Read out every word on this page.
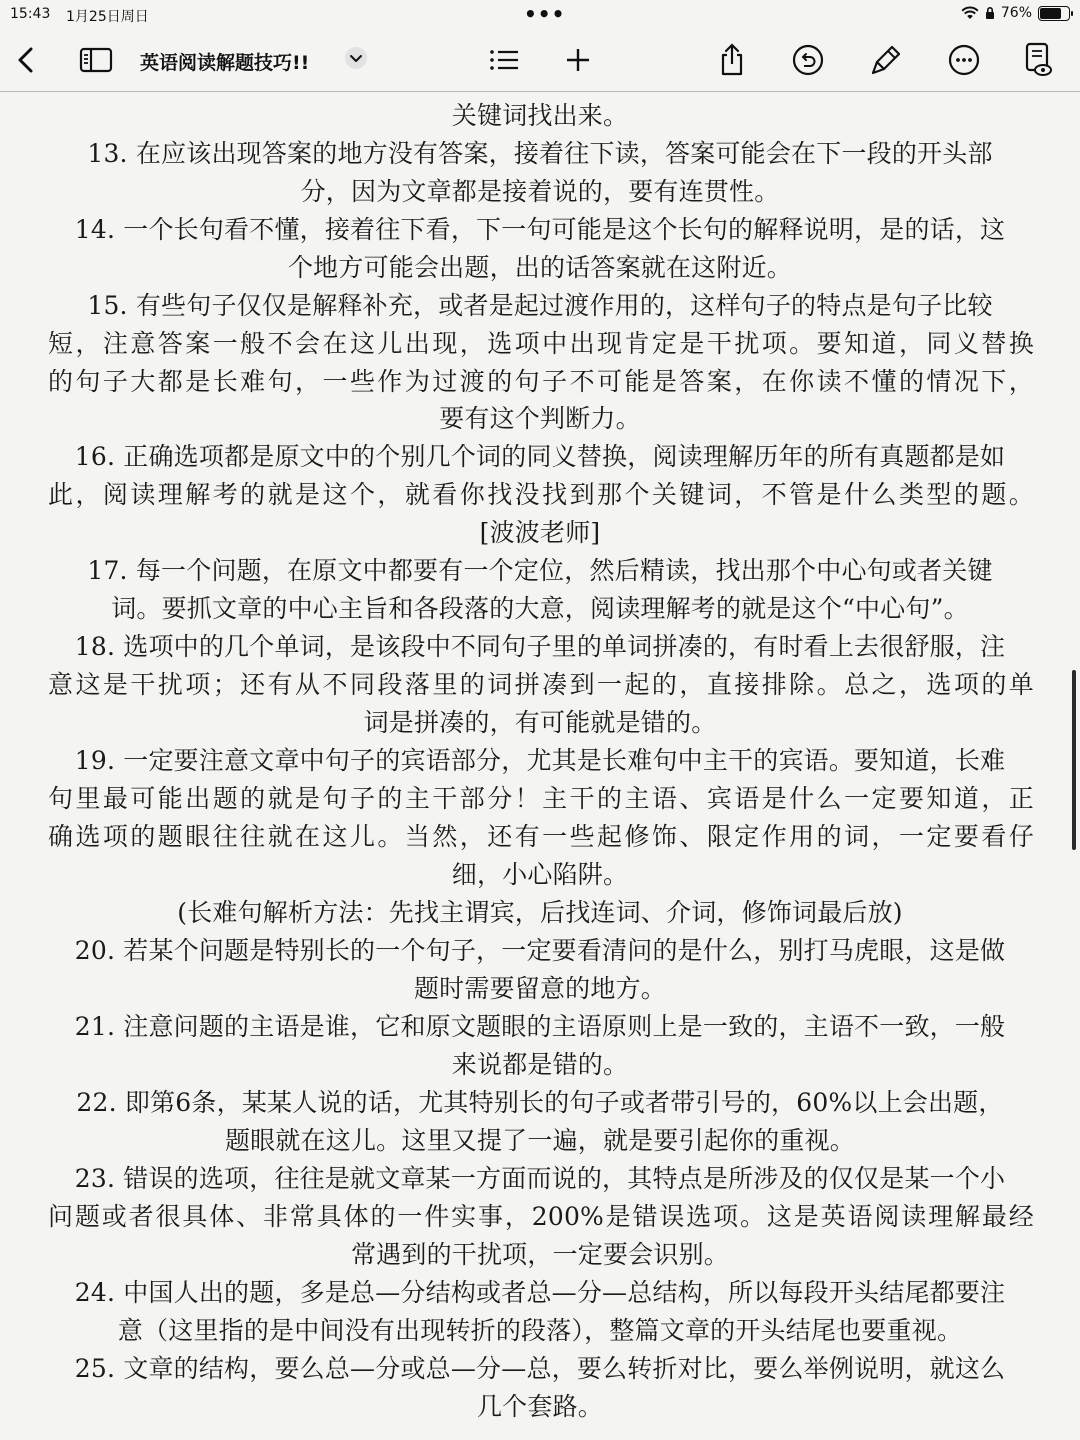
15:43 1月25日周日	•••	76%
英语阅读解题技巧!!
关键词找出来。
13. 在应该出现答案的地方没有答案，接着往下读，答案可能会在下一段的开头部
分，因为文章都是接着说的，要有连贯性。
14. 一个长句看不懂，接着往下看，下一句可能是这个长句的解释说明，是的话，这
个地方可能会出题，出的话答案就在这附近。
15. 有些句子仅仅是解释补充，或者是起过渡作用的，这样句子的特点是句子比较
短，注意答案一般不会在这儿出现，选项中出现肯定是干扰项。要知道，同义替换
的句子大都是长难句，一些作为过渡的句子不可能是答案，在你读不懂的情况下，
要有这个判断力。
16. 正确选项都是原文中的个别几个词的同义替换，阅读理解历年的所有真题都是如
此，阅读理解考的就是这个，就看你找没找到那个关键词，不管是什么类型的题。
[波波老师]
17. 每一个问题，在原文中都要有一个定位，然后精读，找出那个中心句或者关键
词。要抓文章的中心主旨和各段落的大意，阅读理解考的就是这个“中心句”。
18. 选项中的几个单词，是该段中不同句子里的单词拼凑的，有时看上去很舒服，注
意这是干扰项；还有从不同段落里的词拼凑到一起的，直接排除。总之，选项的单
词是拼凑的，有可能就是错的。
19. 一定要注意文章中句子的宾语部分，尤其是长难句中主干的宾语。要知道，长难
句里最可能出题的就是句子的主干部分！主干的主语、宾语是什么一定要知道，正
确选项的题眼往往就在这儿。当然，还有一些起修饰、限定作用的词，一定要看仔
细，小心陷阱。
(长难句解析方法：先找主谓宾，后找连词、介词，修饰词最后放)
20. 若某个问题是特别长的一个句子，一定要看清问的是什么，别打马虎眼，这是做
题时需要留意的地方。
21. 注意问题的主语是谁，它和原文题眼的主语原则上是一致的，主语不一致，一般
来说都是错的。
22. 即第6条，某某人说的话，尤其特别长的句子或者带引号的，60%以上会出题，
题眼就在这儿。这里又提了一遍，就是要引起你的重视。
23. 错误的选项，往往是就文章某一方面而说的，其特点是所涉及的仅仅是某一个小
问题或者很具体、非常具体的一件实事，200%是错误选项。这是英语阅读理解最经
常遇到的干扰项，一定要会识别。
24. 中国人出的题，多是总—分结构或者总—分—总结构，所以每段开头结尾都要注
意（这里指的是中间没有出现转折的段落），整篇文章的开头结尾也要重视。
25. 文章的结构，要么总—分或总—分—总，要么转折对比，要么举例说明，就这么
几个套路。
